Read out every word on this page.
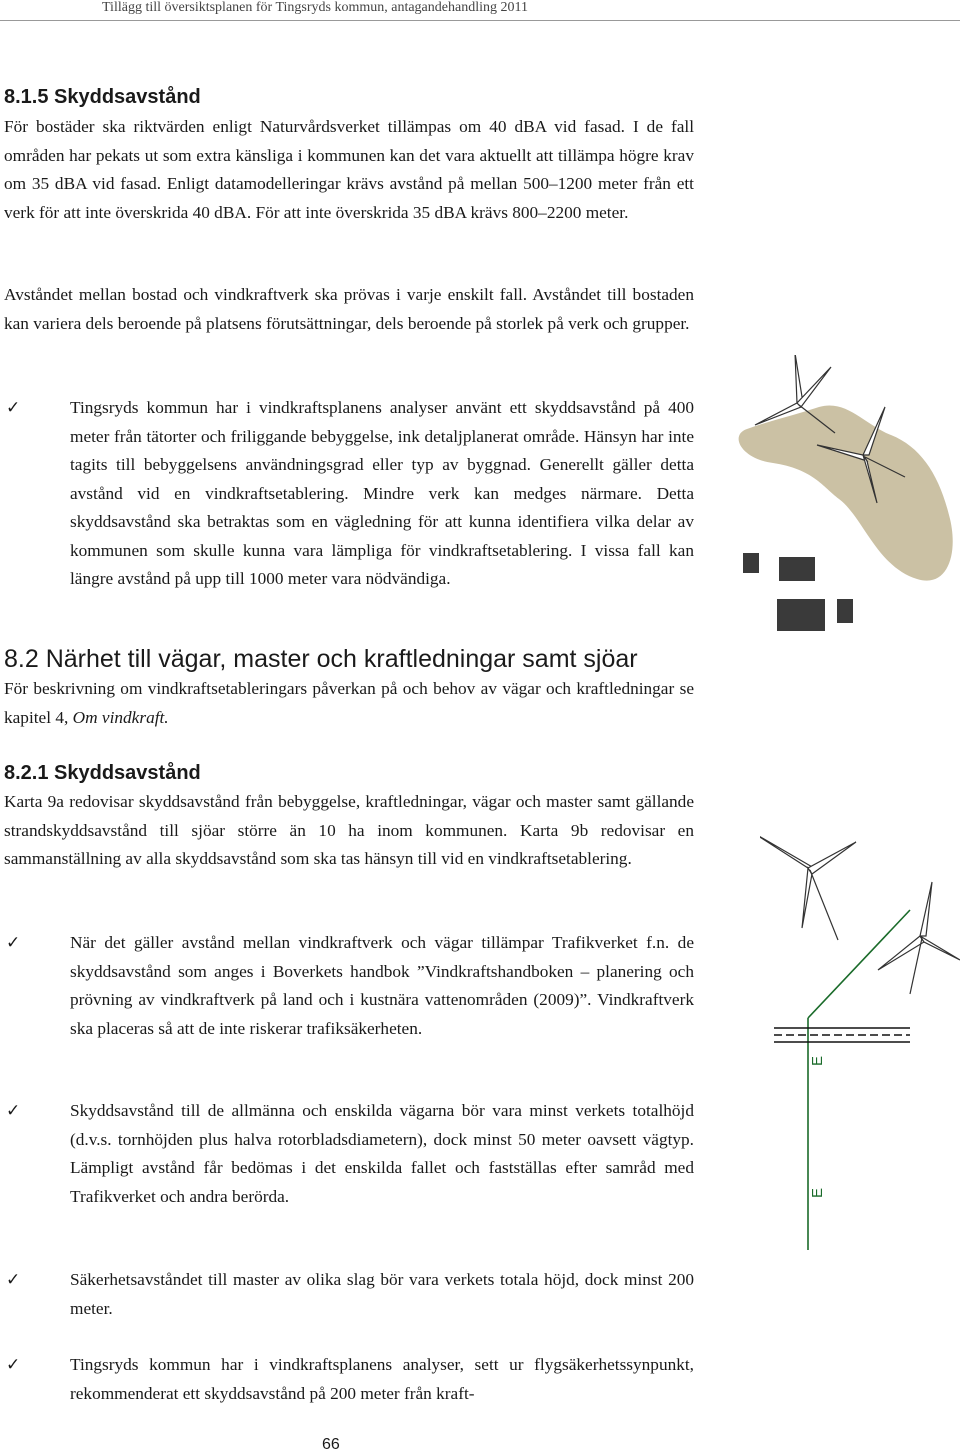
Tillägg till översiktsplanen för Tingsryds kommun, antagandehandling 2011
8.1.5 Skyddsavstånd

För bostäder ska riktvärden enligt Naturvårdsverket tillämpas om 40 dBA vid fasad. I de fall områden har pekats ut som extra känsliga i kommunen kan det vara aktuellt att tillämpa högre krav om 35 dBA vid fasad. Enligt datamodelleringar krävs avstånd på mellan 500–1200 meter från ett verk för att inte överskrida 40 dBA. För att inte överskrida 35 dBA krävs 800–2200 meter.

Avståndet mellan bostad och vindkraftverk ska prövas i varje enskilt fall. Avståndet till bostaden kan variera dels beroende på platsens förutsättningar, dels beroende på storlek på verk och grupper.

✓	Tingsryds kommun har i vindkraftsplanens analyser använt ett skyddsavstånd på 400 meter från tätorter och friliggande bebyggelse, ink detaljplanerat område. Hänsyn har inte tagits till bebyggelsens användningsgrad eller typ av byggnad. Generellt gäller detta avstånd vid en vindkraftsetablering. Mindre verk kan medges närmare. Detta skyddsavstånd ska betraktas som en vägledning för att kunna identifiera vilka delar av kommunen som skulle kunna vara lämpliga för vindkraftsetablering. I vissa fall kan längre avstånd på upp till 1000 meter vara nödvändiga.

8.2 Närhet till vägar, master och kraftledningar samt sjöar

För beskrivning om vindkraftsetableringars påverkan på och behov av vägar och kraftledningar se kapitel 4, Om vindkraft.

8.2.1 Skyddsavstånd

Karta 9a redovisar skyddsavstånd från bebyggelse, kraftledningar, vägar och master samt gällande strandskyddsavstånd till sjöar större än 10 ha inom kommunen. Karta 9b redovisar en sammanställning av alla skyddsavstånd som ska tas hänsyn till vid en vindkraftsetablering.

✓	När det gäller avstånd mellan vindkraftverk och vägar tillämpar Trafikverket f.n. de skyddsavstånd som anges i Boverkets handbok ”Vindkraftshandboken – planering och prövning av vindkraftverk på land och i kustnära vattenområden (2009)”. Vindkraftverk ska placeras så att de inte riskerar trafiksäkerheten.

✓	Skyddsavstånd till de allmänna och enskilda vägarna bör vara minst verkets totalhöjd (d.v.s. tornhöjden plus halva rotorbladsdiametern), dock minst 50 meter oavsett vägtyp. Lämpligt avstånd får bedömas i det enskilda fallet och fastställas efter samråd med Trafikverket och andra berörda.

✓	Säkerhetsavståndet till master av olika slag bör vara verkets totala höjd, dock minst 200 meter.

✓	Tingsryds kommun har i vindkraftsplanens analyser, sett ur flygsäkerhetssynpunkt, rekommenderat ett skyddsavstånd på 200 meter från kraft-

E
E
66
